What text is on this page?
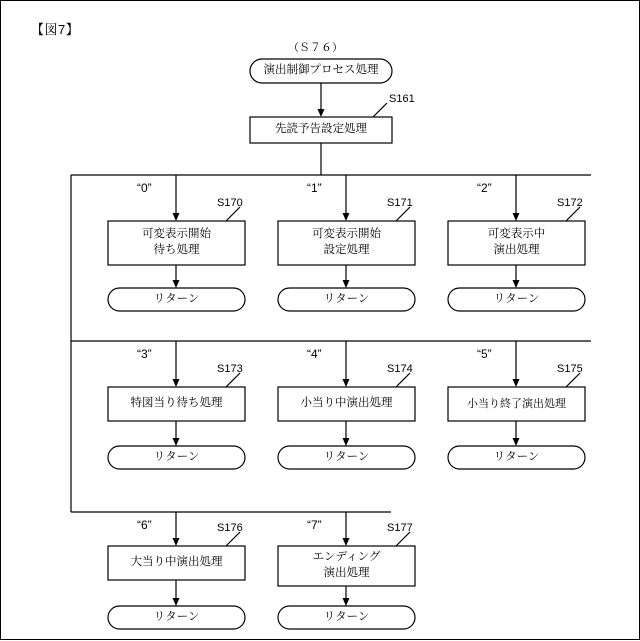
【図7】
（Ｓ７６）
演出制御プロセス処理
先読予告設定処理
S161
“0”	“1”	“2”
S170	S171	S172
可変表示開始
待ち処理
可変表示開始
設定処理
可変表示中
演出処理
リターン	リターン	リターン
“3”	“4”	“5”
S173	S174	S175
特図当り待ち処理	小当り中演出処理	小当り終了演出処理
リターン	リターン	リターン
“6”	“7”
S176	S177
大当り中演出処理	エンディング
演出処理
リターン	リターン
